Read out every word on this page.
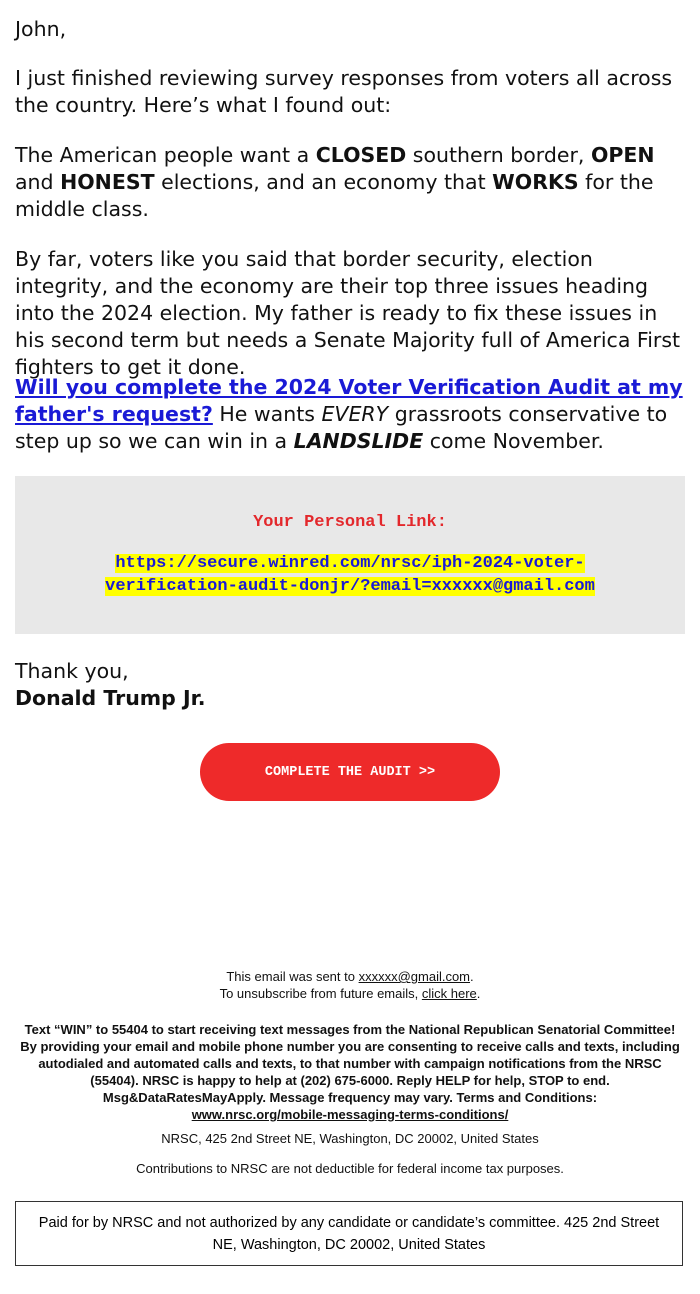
John,

I just finished reviewing survey responses from voters all across the country. Here’s what I found out:

The American people want a CLOSED southern border, OPEN and HONEST elections, and an economy that WORKS for the middle class.

By far, voters like you said that border security, election integrity, and the economy are their top three issues heading into the 2024 election. My father is ready to fix these issues in his second term but needs a Senate Majority full of America First fighters to get it done.

Will you complete the 2024 Voter Verification Audit at my father's request? He wants EVERY grassroots conservative to step up so we can win in a LANDSLIDE come November.

Your Personal Link:
https://secure.winred.com/nrsc/iph-2024-voter-verification-audit-donjr/?email=xxxxxx@gmail.com

Thank you,

Donald Trump Jr.

COMPLETE THE AUDIT >>
This email was sent to xxxxxx@gmail.com.
To unsubscribe from future emails, click here.
Text “WIN” to 55404 to start receiving text messages from the National Republican Senatorial Committee! By providing your email and mobile phone number you are consenting to receive calls and texts, including autodialed and automated calls and texts, to that number with campaign notifications from the NRSC (55404). NRSC is happy to help at (202) 675-6000. Reply HELP for help, STOP to end. Msg&DataRatesMayApply. Message frequency may vary. Terms and Conditions:
www.nrsc.org/mobile-messaging-terms-conditions/
NRSC, 425 2nd Street NE, Washington, DC 20002, United States
Contributions to NRSC are not deductible for federal income tax purposes.
Paid for by NRSC and not authorized by any candidate or candidate’s committee. 425 2nd Street NE, Washington, DC 20002, United States
